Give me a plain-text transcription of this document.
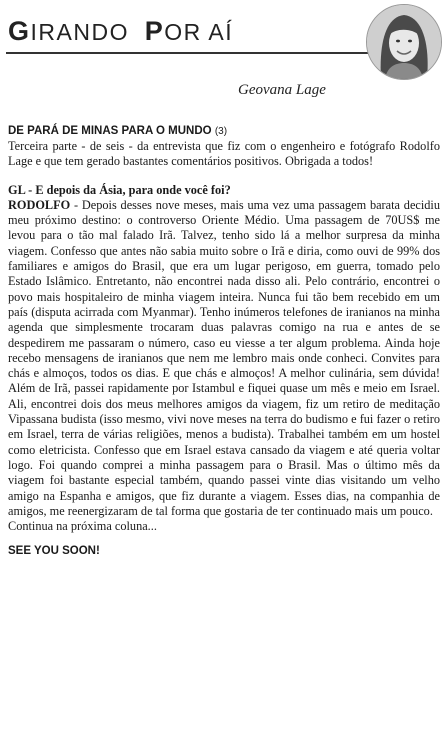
GIRANDO POR AÍ
Geovana Lage
DE PARÁ DE MINAS PARA O MUNDO (3)

Terceira parte - de seis - da entrevista que fiz com o engenheiro e fotógrafo Rodolfo Lage e que tem gerado bastantes comentários positivos. Obrigada a todos!

GL - E depois da Ásia, para onde você foi?

RODOLFO - Depois desses nove meses, mais uma vez uma passagem barata decidiu meu próximo destino: o controverso Oriente Médio. Uma passagem de 70US$ me levou para o tão mal falado Irã. Talvez, tenho sido lá a melhor surpresa da minha viagem. Confesso que antes não sabia muito sobre o Irã e diria, como ouvi de 99% dos familiares e amigos do Brasil, que era um lugar perigoso, em guerra, tomado pelo Estado Islâmico. Entretanto, não encontrei nada disso ali. Pelo contrário, encontrei o povo mais hospitaleiro de minha viagem inteira. Nunca fui tão bem recebido em um país (disputa acirrada com Myanmar). Tenho inúmeros telefones de iranianos na minha agenda que simplesmente trocaram duas palavras comigo na rua e antes de se despedirem me passaram o número, caso eu viesse a ter algum problema. Ainda hoje recebo mensagens de iranianos que nem me lembro mais onde conheci. Convites para chás e almoços, todos os dias. E que chás e almoços! A melhor culinária, sem dúvida! Além de Irã, passei rapidamente por Istambul e fiquei quase um mês e meio em Israel. Ali, encontrei dois dos meus melhores amigos da viagem, fiz um retiro de meditação Vipassana budista (isso mesmo, vivi nove meses na terra do budismo e fui fazer o retiro em Israel, terra de várias religiões, menos a budista). Trabalhei também em um hostel como eletricista. Confesso que em Israel estava cansado da viagem e até queria voltar logo. Foi quando comprei a minha passagem para o Brasil. Mas o último mês da viagem foi bastante especial também, quando passei vinte dias visitando um velho amigo na Espanha e amigos, que fiz durante a viagem. Esses dias, na companhia de amigos, me reenergizaram de tal forma que gostaria de ter continuado mais um pouco.

Continua na próxima coluna...

SEE YOU SOON!
